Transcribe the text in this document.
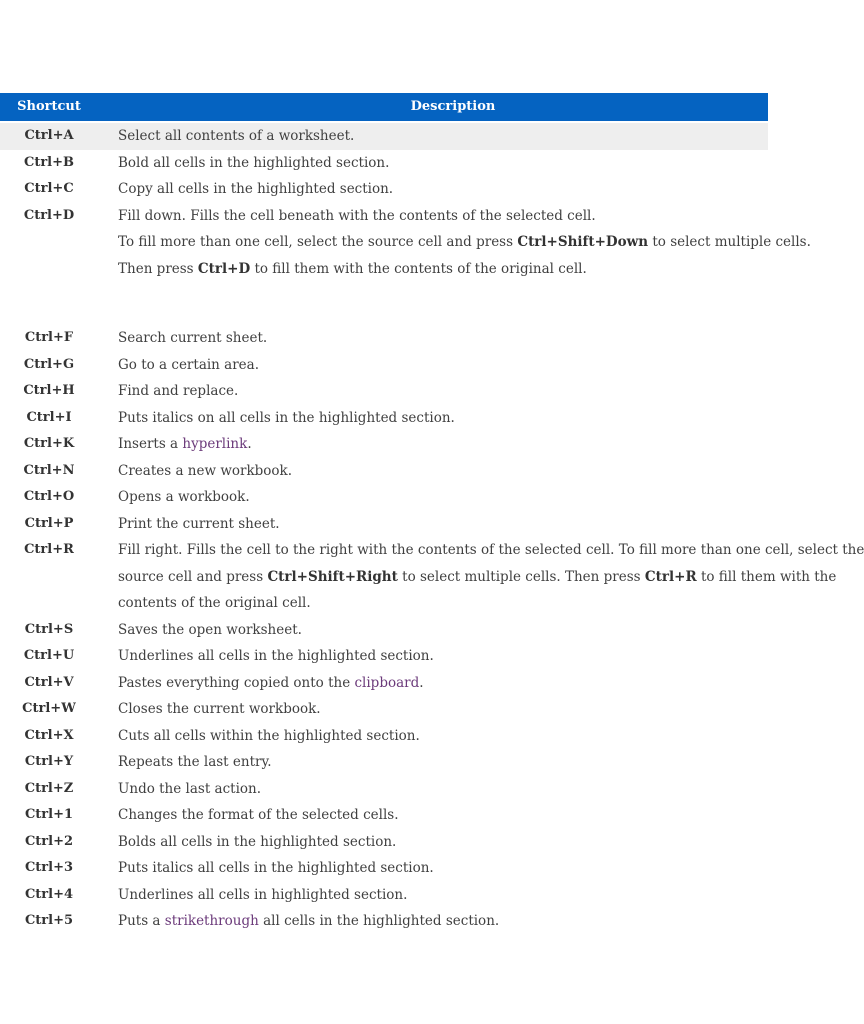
Shortcut	Description
Ctrl+A	Select all contents of a worksheet.
Ctrl+B	Bold all cells in the highlighted section.
Ctrl+C	Copy all cells in the highlighted section.
Ctrl+D	Fill down. Fills the cell beneath with the contents of the selected cell.
To fill more than one cell, select the source cell and press Ctrl+Shift+Down to select multiple cells.
Then press Ctrl+D to fill them with the contents of the original cell.
Ctrl+F	Search current sheet.
Ctrl+G	Go to a certain area.
Ctrl+H	Find and replace.
Ctrl+I	Puts italics on all cells in the highlighted section.
Ctrl+K	Inserts a hyperlink.
Ctrl+N	Creates a new workbook.
Ctrl+O	Opens a workbook.
Ctrl+P	Print the current sheet.
Ctrl+R	Fill right. Fills the cell to the right with the contents of the selected cell. To fill more than one cell, select the
source cell and press Ctrl+Shift+Right to select multiple cells. Then press Ctrl+R to fill them with the
contents of the original cell.
Ctrl+S	Saves the open worksheet.
Ctrl+U	Underlines all cells in the highlighted section.
Ctrl+V	Pastes everything copied onto the clipboard.
Ctrl+W	Closes the current workbook.
Ctrl+X	Cuts all cells within the highlighted section.
Ctrl+Y	Repeats the last entry.
Ctrl+Z	Undo the last action.
Ctrl+1	Changes the format of the selected cells.
Ctrl+2	Bolds all cells in the highlighted section.
Ctrl+3	Puts italics all cells in the highlighted section.
Ctrl+4	Underlines all cells in highlighted section.
Ctrl+5	Puts a strikethrough all cells in the highlighted section.
